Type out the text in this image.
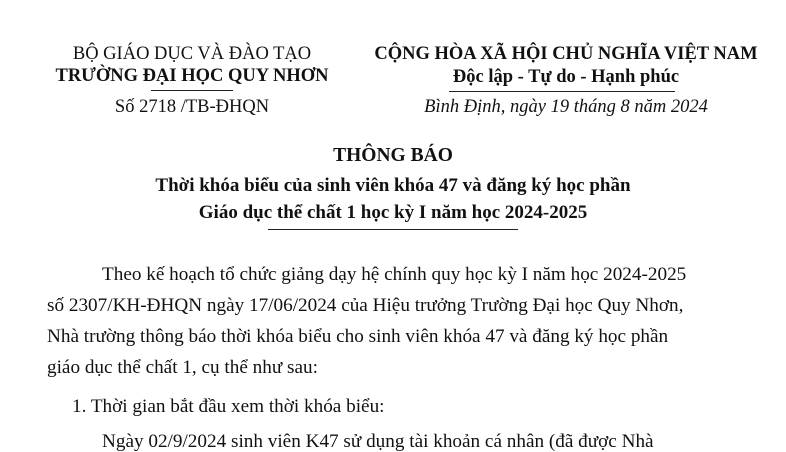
BỘ GIÁO DỤC VÀ ĐÀO TẠO
TRƯỜNG ĐẠI HỌC QUY NHƠN
Số 2718 /TB-ĐHQN
CỘNG HÒA XÃ HỘI CHỦ NGHĨA VIỆT NAM
Độc lập - Tự do - Hạnh phúc
Bình Định, ngày 19 tháng 8 năm 2024
THÔNG BÁO
Thời khóa biểu của sinh viên khóa 47 và đăng ký học phần
Giáo dục thể chất 1 học kỳ I năm học 2024-2025
Theo kế hoạch tổ chức giảng dạy hệ chính quy học kỳ I năm học 2024-2025
số 2307/KH-ĐHQN ngày 17/06/2024 của Hiệu trưởng Trường Đại học Quy Nhơn,
Nhà trường thông báo thời khóa biểu cho sinh viên khóa 47 và đăng ký học phần
giáo dục thể chất 1, cụ thể như sau:
1. Thời gian bắt đầu xem thời khóa biểu:
Ngày 02/9/2024 sinh viên K47 sử dụng tài khoản cá nhân (đã được Nhà
